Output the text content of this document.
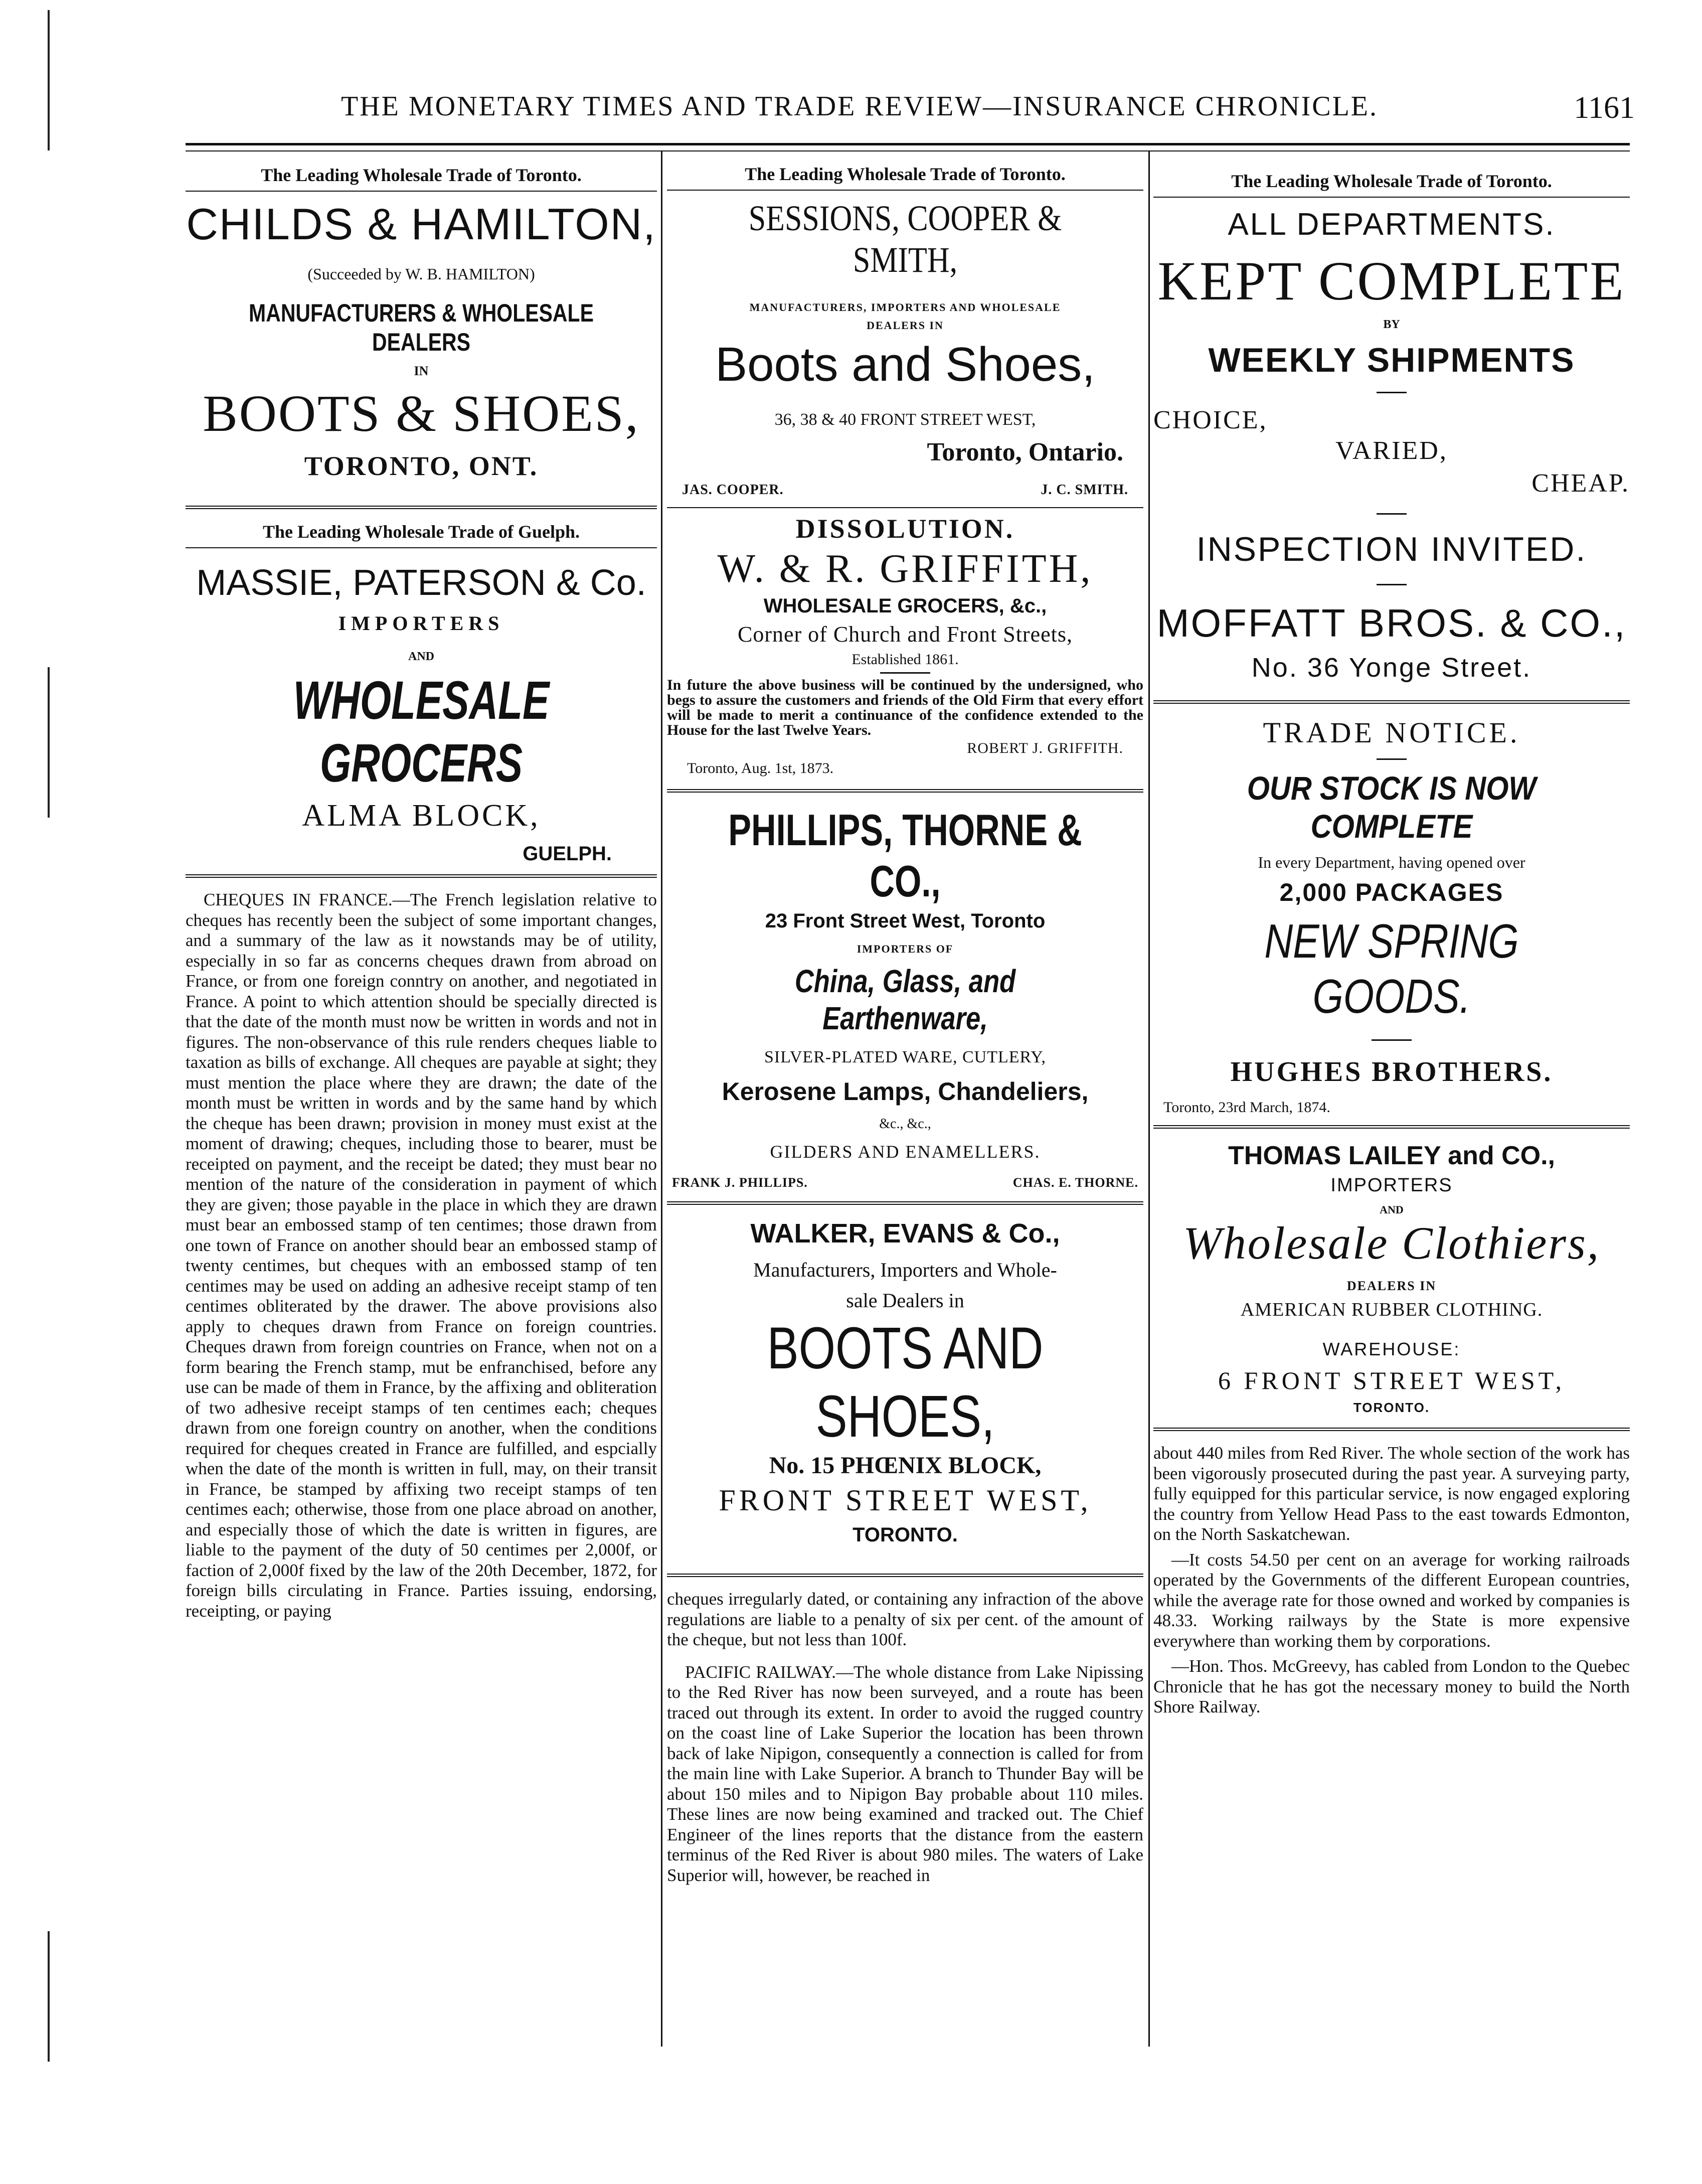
THE MONETARY TIMES AND TRADE REVIEW—INSURANCE CHRONICLE.	1161
The Leading Wholesale Trade of Toronto.
CHILDS & HAMILTON,
(Succeeded by W. B. HAMILTON)
MANUFACTURERS & WHOLESALE DEALERS
IN
BOOTS & SHOES,
TORONTO, ONT.
The Leading Wholesale Trade of Guelph.
MASSIE, PATERSON & Co.
IMPORTERS
AND
WHOLESALE GROCERS
ALMA BLOCK,
GUELPH.

CHEQUES IN FRANCE.—The French legislation relative to cheques has recently been the subject of some important changes, and a summary of the law as it nowstands may be of utility, especially in so far as concerns cheques drawn from abroad on France, or from one foreign conntry on another, and negotiated in France. A point to which attention should be specially directed is that the date of the month must now be written in words and not in figures. The non-observance of this rule renders cheques liable to taxation as bills of exchange. All cheques are payable at sight; they must mention the place where they are drawn; the date of the month must be written in words and by the same hand by which the cheque has been drawn; provision in money must exist at the moment of drawing; cheques, including those to bearer, must be receipted on payment, and the receipt be dated; they must bear no mention of the nature of the consideration in payment of which they are given; those payable in the place in which they are drawn must bear an embossed stamp of ten centimes; those drawn from one town of France on another should bear an embossed stamp of twenty centimes, but cheques with an embossed stamp of ten centimes may be used on adding an adhesive receipt stamp of ten centimes obliterated by the drawer. The above provisions also apply to cheques drawn from France on foreign countries. Cheques drawn from foreign countries on France, when not on a form bearing the French stamp, mut be enfranchised, before any use can be made of them in France, by the affixing and obliteration of two adhesive receipt stamps of ten centimes each; cheques drawn from one foreign country on another, when the conditions required for cheques created in France are fulfilled, and espcially when the date of the month is written in full, may, on their transit in France, be stamped by affixing two receipt stamps of ten centimes each; otherwise, those from one place abroad on another, and especially those of which the date is written in figures, are liable to the payment of the duty of 50 centimes per 2,000f, or faction of 2,000f fixed by the law of the 20th December, 1872, for foreign bills circulating in France. Parties issuing, endorsing, receipting, or paying

The Leading Wholesale Trade of Toronto.
SESSIONS, COOPER & SMITH,
MANUFACTURERS, IMPORTERS AND WHOLESALE
DEALERS IN
Boots and Shoes,
36, 38 & 40 FRONT STREET WEST,
Toronto, Ontario.
JAS. COOPER.	J. C. SMITH.
DISSOLUTION.
W. & R. GRIFFITH,
WHOLESALE GROCERS, &c.,
Corner of Church and Front Streets,
Established 1861.
In future the above business will be continued by the undersigned, who begs to assure the customers and friends of the Old Firm that every effort will be made to merit a continuance of the confidence extended to the House for the last Twelve Years.
ROBERT J. GRIFFITH.
Toronto, Aug. 1st, 1873.
PHILLIPS, THORNE & CO.,
23 Front Street West, Toronto
IMPORTERS OF
China, Glass, and Earthenware,
SILVER-PLATED WARE, CUTLERY,
Kerosene Lamps, Chandeliers,
&c., &c.,
GILDERS AND ENAMELLERS.
FRANK J. PHILLIPS.	CHAS. E. THORNE.
WALKER, EVANS & Co.,
Manufacturers, Importers and Whole-
sale Dealers in
BOOTS AND SHOES,
No. 15 PHŒNIX BLOCK,
FRONT STREET WEST,
TORONTO.

cheques irregularly dated, or containing any infraction of the above regulations are liable to a penalty of six per cent. of the amount of the cheque, but not less than 100f.

PACIFIC RAILWAY.—The whole distance from Lake Nipissing to the Red River has now been surveyed, and a route has been traced out through its extent. In order to avoid the rugged country on the coast line of Lake Superior the location has been thrown back of lake Nipigon, consequently a connection is called for from the main line with Lake Superior. A branch to Thunder Bay will be about 150 miles and to Nipigon Bay probable about 110 miles. These lines are now being examined and tracked out. The Chief Engineer of the lines reports that the distance from the eastern terminus of the Red River is about 980 miles. The waters of Lake Superior will, however, be reached in

The Leading Wholesale Trade of Toronto.
ALL DEPARTMENTS.
KEPT COMPLETE
BY
WEEKLY SHIPMENTS
CHOICE,
VARIED,
CHEAP.
INSPECTION INVITED.
MOFFATT BROS. & CO.,
No. 36 Yonge Street.
TRADE NOTICE.
OUR STOCK IS NOW COMPLETE
In every Department, having opened over
2,000 PACKAGES
NEW SPRING GOODS.
HUGHES BROTHERS.
Toronto, 23rd March, 1874.
THOMAS LAILEY and CO.,
IMPORTERS
AND
Wholesale Clothiers,
DEALERS IN
AMERICAN RUBBER CLOTHING.
WAREHOUSE:
6 FRONT STREET WEST,
TORONTO.

about 440 miles from Red River. The whole section of the work has been vigorously prosecuted during the past year. A surveying party, fully equipped for this particular service, is now engaged exploring the country from Yellow Head Pass to the east towards Edmonton, on the North Saskatchewan.

—It costs 54.50 per cent on an average for working railroads operated by the Governments of the different European countries, while the average rate for those owned and worked by companies is 48.33. Working railways by the State is more expensive everywhere than working them by corporations.

—Hon. Thos. McGreevy, has cabled from London to the Quebec Chronicle that he has got the necessary money to build the North Shore Railway.
